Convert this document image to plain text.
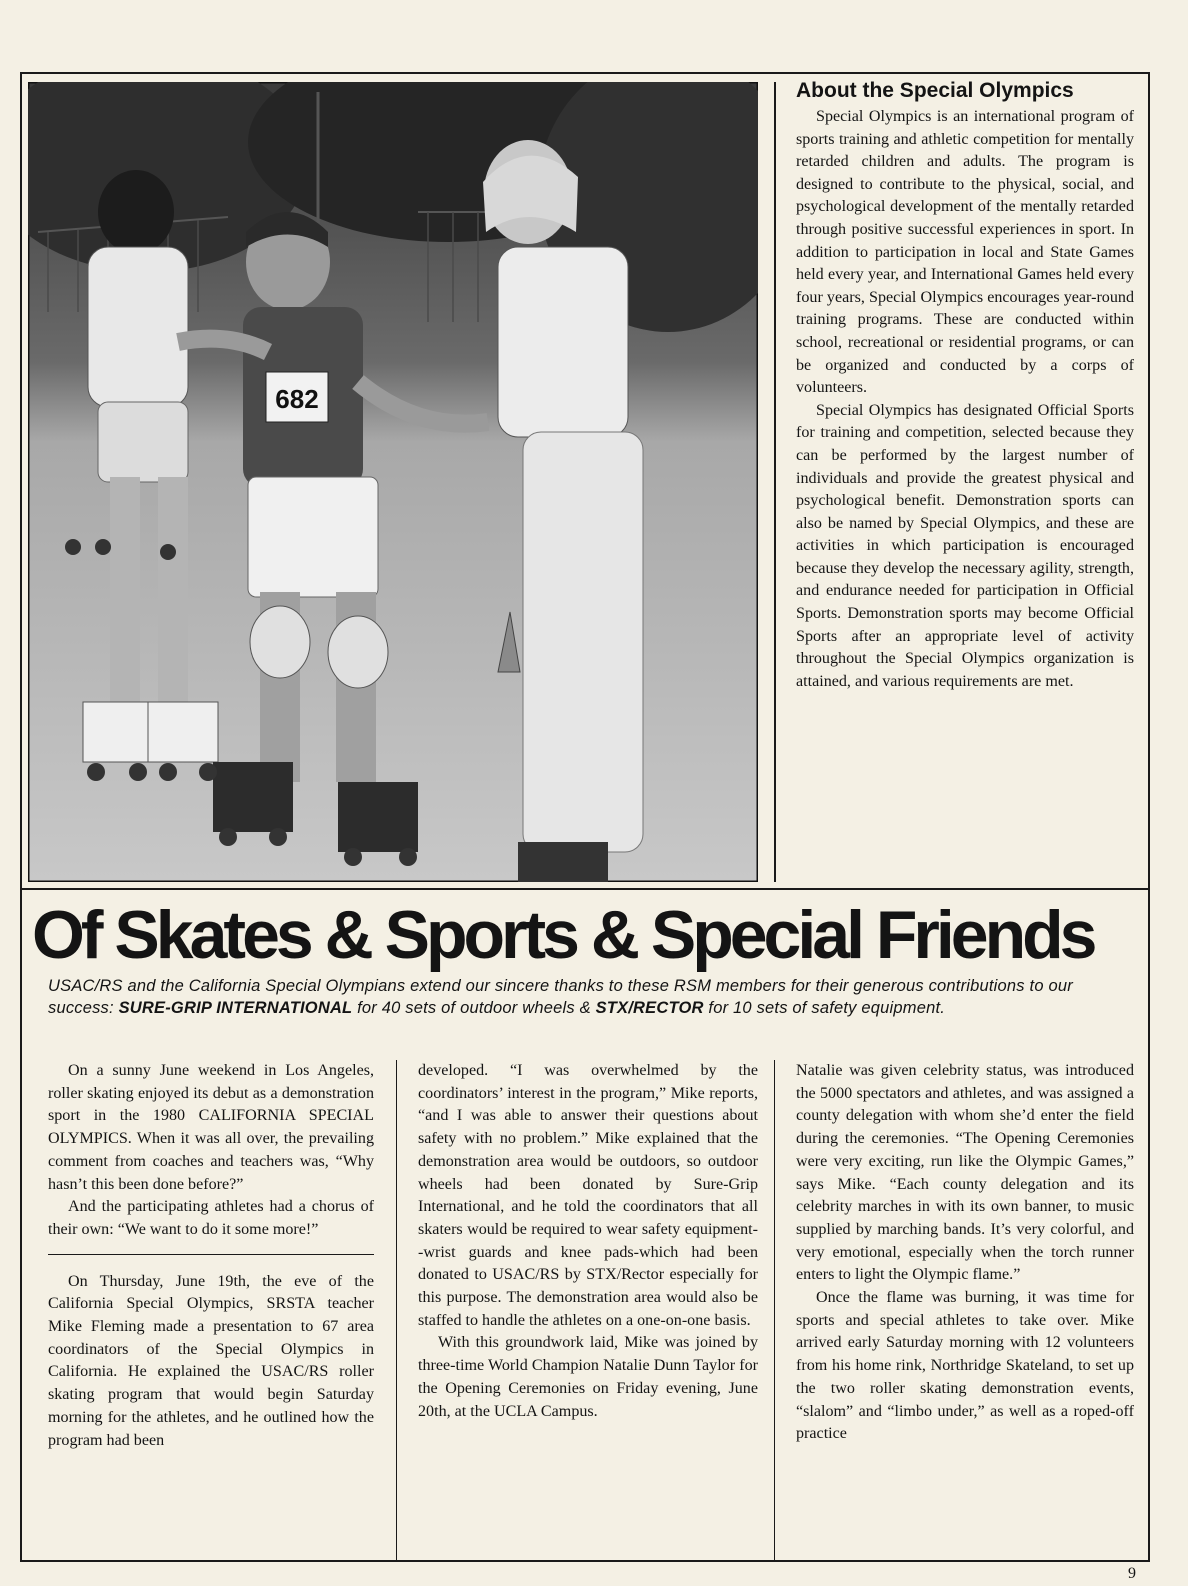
682
About the Special Olympics

Special Olympics is an international program of sports training and athletic competition for mentally retarded children and adults. The program is designed to contribute to the physical, social, and psychological development of the mentally retarded through positive successful experiences in sport. In addition to participation in local and State Games held every year, and International Games held every four years, Special Olympics encourages year-round training programs. These are conducted within school, recreational or residential programs, or can be organized and conducted by a corps of volunteers.

Special Olympics has designated Official Sports for training and competition, selected because they can be performed by the largest number of individuals and provide the greatest physical and psychological benefit. Demonstration sports can also be named by Special Olympics, and these are activities in which participation is encouraged because they develop the necessary agility, strength, and endurance needed for participation in Official Sports. Demonstration sports may become Official Sports after an appropriate level of activity throughout the Special Olympics organization is attained, and various requirements are met.

Of Skates & Sports & Special Friends
USAC/RS and the California Special Olympians extend our sincere thanks to these RSM members for their generous contributions to our success: SURE-GRIP INTERNATIONAL for 40 sets of outdoor wheels & STX/RECTOR for 10 sets of safety equipment.

On a sunny June weekend in Los Angeles, roller skating enjoyed its debut as a demonstration sport in the 1980 CALIFORNIA SPECIAL OLYMPICS. When it was all over, the prevailing comment from coaches and teachers was, “Why hasn’t this been done before?”

And the participating athletes had a chorus of their own: “We want to do it some more!”

On Thursday, June 19th, the eve of the California Special Olympics, SRSTA teacher Mike Fleming made a presentation to 67 area coordinators of the Special Olympics in California. He explained the USAC/RS roller skating program that would begin Saturday morning for the athletes, and he outlined how the program had been

developed. “I was overwhelmed by the coordinators’ interest in the program,” Mike reports, “and I was able to answer their questions about safety with no problem.” Mike explained that the demonstration area would be outdoors, so outdoor wheels had been donated by Sure-Grip International, and he told the coordinators that all skaters would be required to wear safety equipment--wrist guards and knee pads-which had been donated to USAC/RS by STX/Rector especially for this purpose. The demonstration area would also be staffed to handle the athletes on a one-on-one basis.

With this groundwork laid, Mike was joined by three-time World Champion Natalie Dunn Taylor for the Opening Ceremonies on Friday evening, June 20th, at the UCLA Campus.

Natalie was given celebrity status, was introduced the 5000 spectators and athletes, and was assigned a county delegation with whom she’d enter the field during the ceremonies. “The Opening Ceremonies were very exciting, run like the Olympic Games,” says Mike. “Each county delegation and its celebrity marches in with its own banner, to music supplied by marching bands. It’s very colorful, and very emotional, especially when the torch runner enters to light the Olympic flame.”

Once the flame was burning, it was time for sports and special athletes to take over. Mike arrived early Saturday morning with 12 volunteers from his home rink, Northridge Skateland, to set up the two roller skating demonstration events, “slalom” and “limbo under,” as well as a roped-off practice

9
